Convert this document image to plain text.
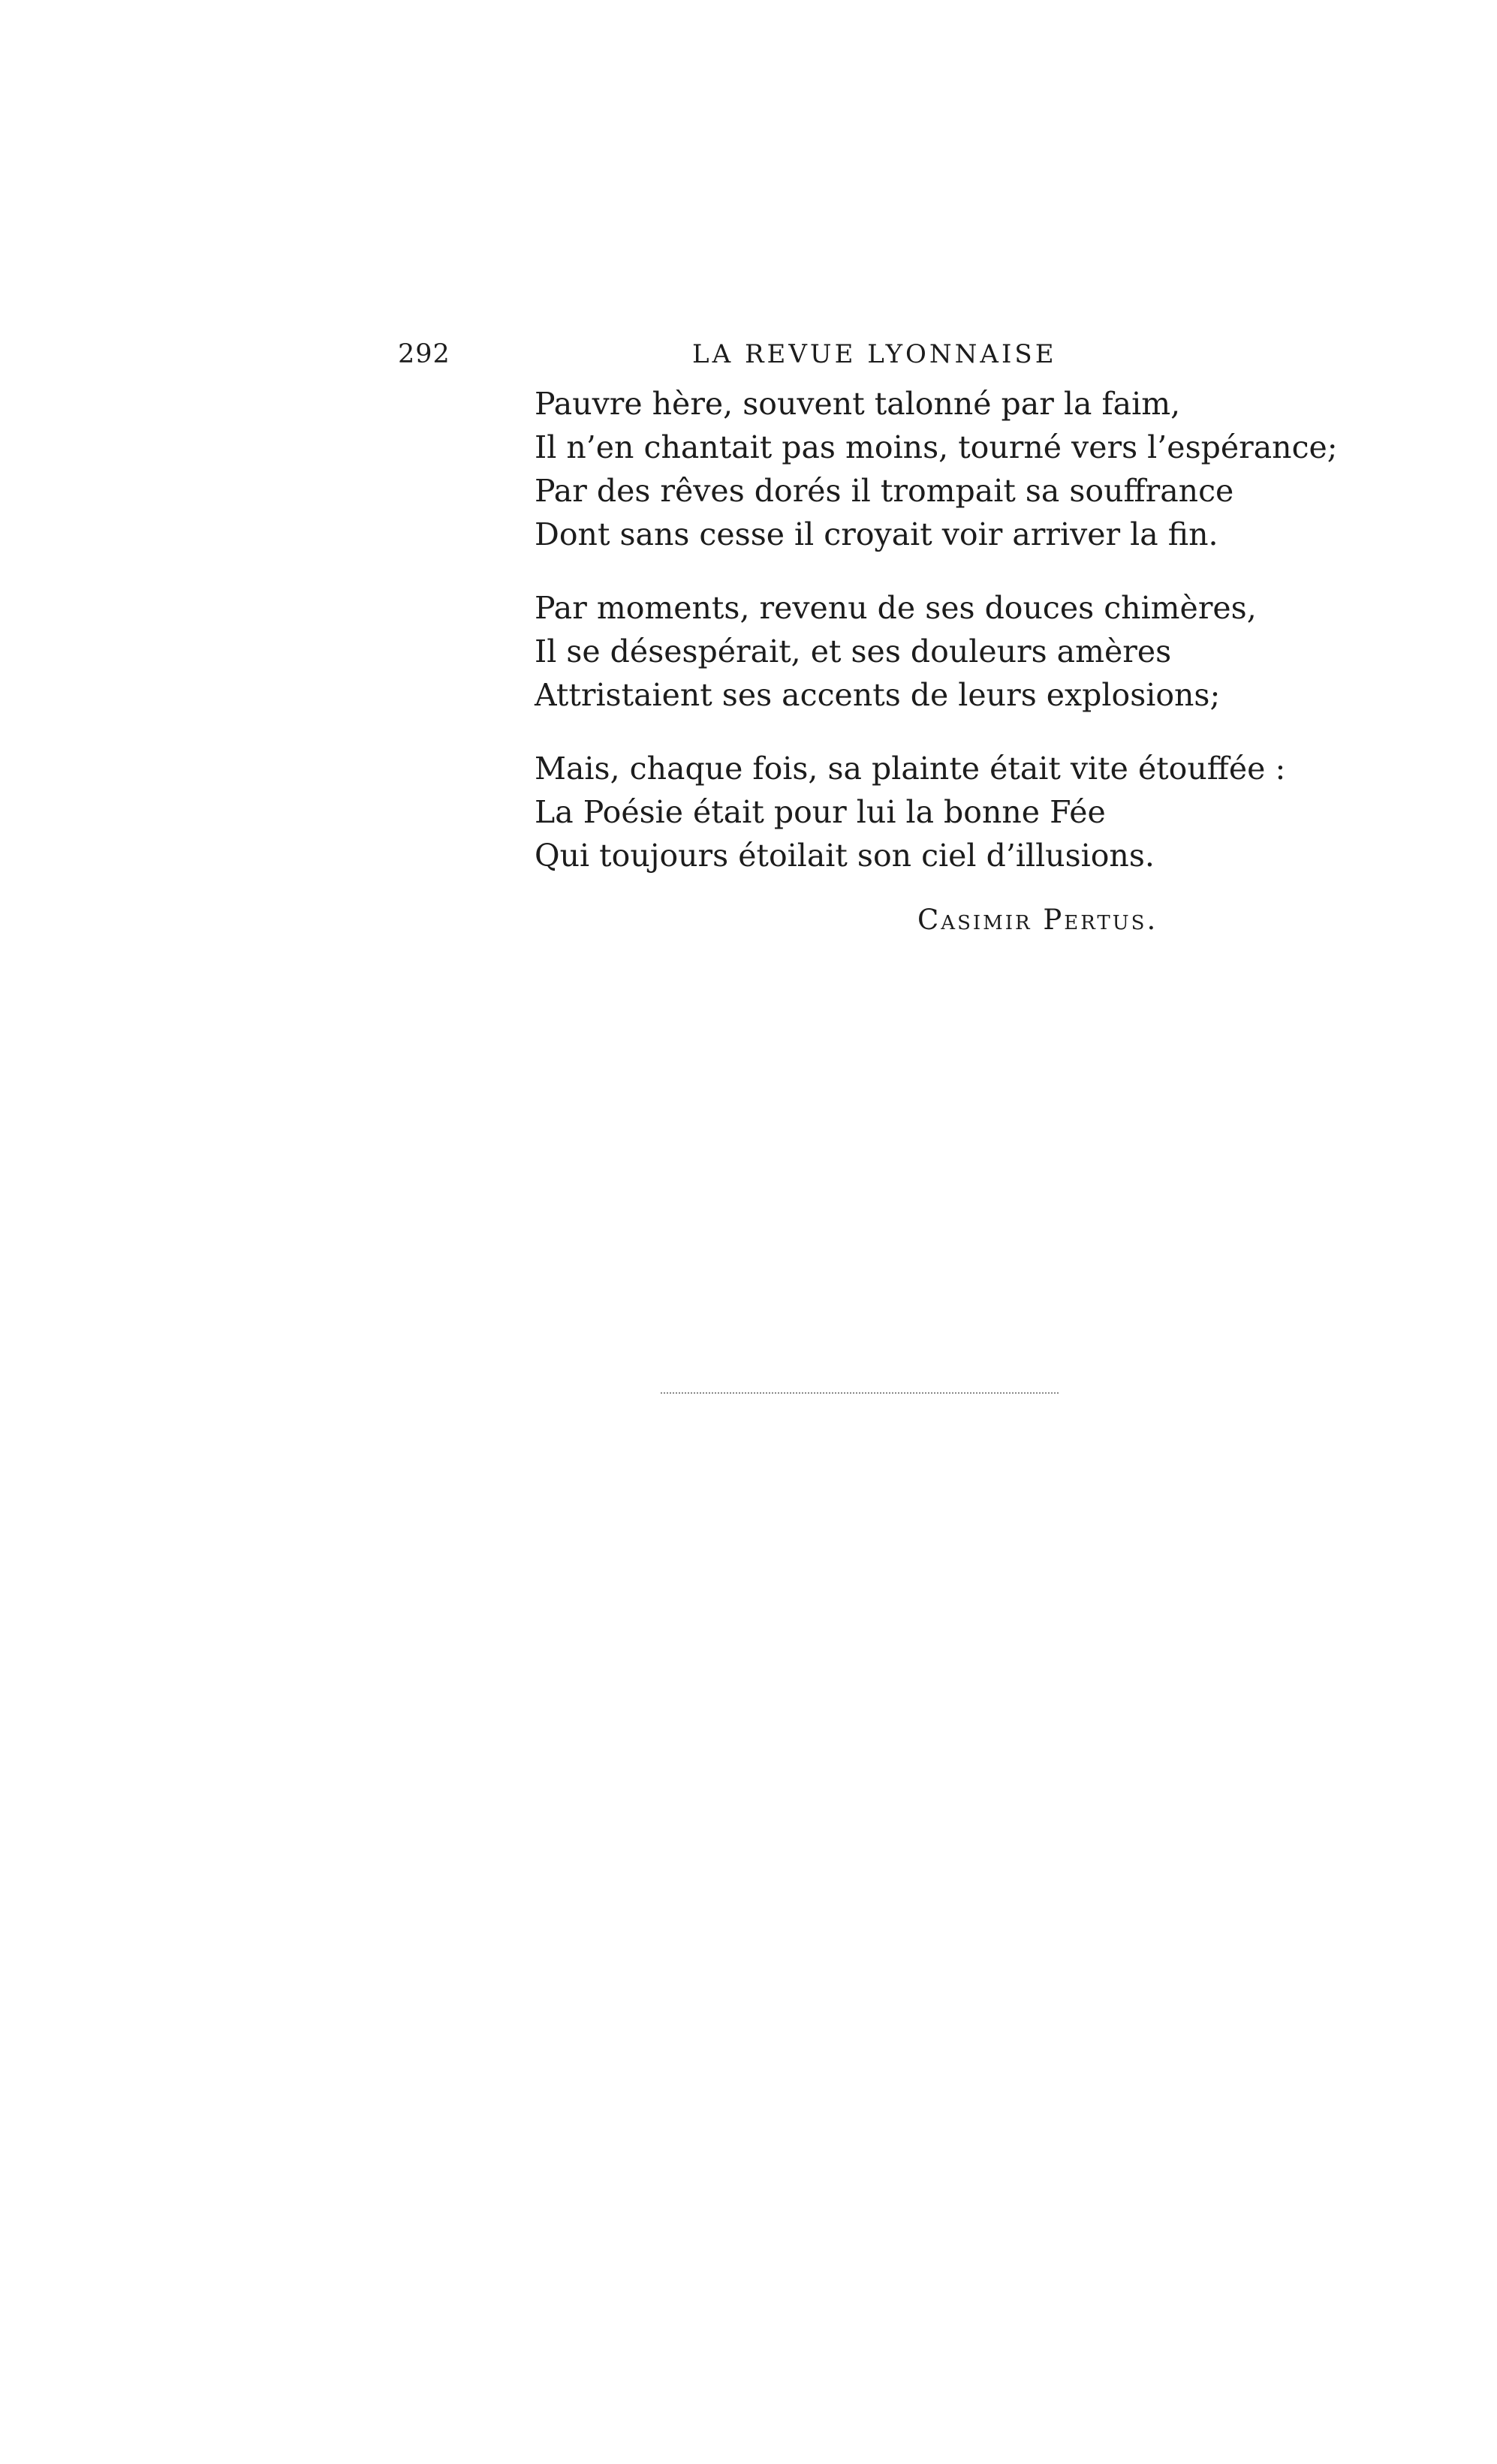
292	LA REVUE LYONNAISE
Pauvre hère, souvent talonné par la faim,
Il n’en chantait pas moins, tourné vers l’espérance;
Par des rêves dorés il trompait sa souffrance
Dont sans cesse il croyait voir arriver la fin.
Par moments, revenu de ses douces chimères,
Il se désespérait, et ses douleurs amères
Attristaient ses accents de leurs explosions;
Mais, chaque fois, sa plainte était vite étouffée :
La Poésie était pour lui la bonne Fée
Qui toujours étoilait son ciel d’illusions.
Casimir Pertus.
